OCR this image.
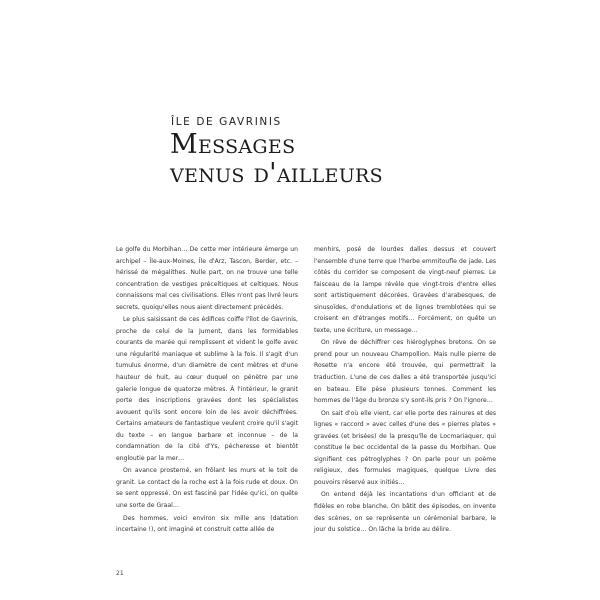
ÎLE DE GAVRINIS
Messages
venus d'ailleurs

Le golfe du Morbihan… De cette mer intérieure émerge un archipel – Île-aux-Moines, Île d'Arz, Tascon, Berder, etc. – hérissé de mégalithes. Nulle part, on ne trouve une telle concentration de vestiges préceltiques et celtiques. Nous connaissons mal ces civilisations. Elles n'ont pas livré leurs secrets, quoiqu'elles nous aient directement précédés.

Le plus saisissant de ces édifices coiffe l'îlot de Gavrinis, proche de celui de la Jument, dans les formidables courants de marée qui remplissent et vident le golfe avec une régularité maniaque et sublime à la fois. Il s'agit d'un tumulus énorme, d'un diamètre de cent mètres et d'une hauteur de huit, au cœur duquel on pénètre par une galerie longue de quatorze mètres. À l'intérieur, le granit porte des inscriptions gravées dont les spécialistes avouent qu'ils sont encore loin de les avoir déchiffrées. Certains amateurs de fantastique veulent croire qu'il s'agit du texte – en langue barbare et inconnue – de la condamnation de la cité d'Ys, pécheresse et bientôt engloutie par la mer…

On avance prosterné, en frôlant les murs et le toit de granit. Le contact de la roche est à la fois rude et doux. On se sent oppressé. On est fasciné par l'idée qu'ici, on quête une sorte de Graal…

Des hommes, voici environ six mille ans (datation incertaine !), ont imaginé et construit cette allée de

menhirs, posé de lourdes dalles dessus et couvert l'ensemble d'une terre que l'herbe emmitoufle de jade. Les côtés du corridor se composent de vingt-neuf pierres. Le faisceau de la lampe révèle que vingt-trois d'entre elles sont artistiquement décorées. Gravées d'arabesques, de sinusoïdes, d'ondulations et de lignes tremblotées qui se croisent en d'étranges motifs… Forcément, on quête un texte, une écriture, un message…

On rêve de déchiffrer ces hiéroglyphes bretons. On se prend pour un nouveau Champollion. Mais nulle pierre de Rosette n'a encore été trouvée, qui permettrait la traduction. L'une de ces dalles a été transportée jusqu'ici en bateau. Elle pèse plusieurs tonnes. Comment les hommes de l'âge du bronze s'y sont-ils pris ? On l'ignore…

On sait d'où elle vient, car elle porte des rainures et des lignes « raccord » avec celles d'une des « pierres plates » gravées (et brisées) de la presqu'île de Locmariaquer, qui constitue le bec occidental de la passe du Morbihan. Que signifient ces pétroglyphes ? On parle pour un poème religieux, des formules magiques, quelque Livre des pouvoirs réservé aux initiés…

On entend déjà les incantations d'un officiant et de fidèles en robe blanche. On bâtit des épisodes, on invente des scènes, on se représente un cérémonial barbare, le jour du solstice… On lâche la bride au délire.

21
